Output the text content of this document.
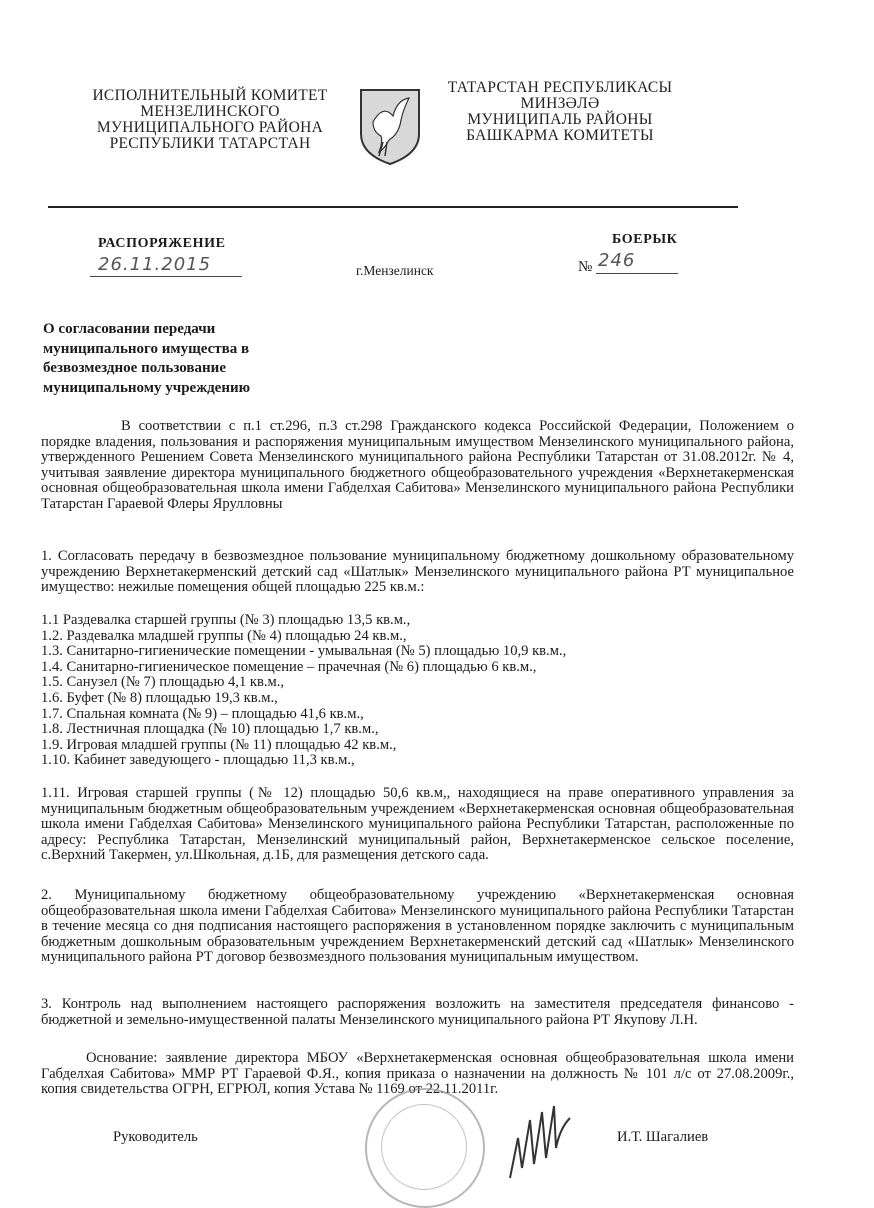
ИСПОЛНИТЕЛЬНЫЙ КОМИТЕТ
МЕНЗЕЛИНСКОГО
МУНИЦИПАЛЬНОГО РАЙОНА
РЕСПУБЛИКИ ТАТАРСТАН
ТАТАРСТАН РЕСПУБЛИКАСЫ
МИНЗӘЛӘ
МУНИЦИПАЛЬ РАЙОНЫ
БАШКАРМА КОМИТЕТЫ
РАСПОРЯЖЕНИЕ	БОЕРЫК
26.11.2015	г.Мензелинск	№ 246
О согласовании передачи
муниципального имущества в
безвозмездное пользование
муниципальному учреждению
В соответствии с п.1 ст.296, п.3 ст.298 Гражданского кодекса Российской Федерации, Положением о порядке владения, пользования и распоряжения муниципальным имуществом Мензелинского муниципального района, утвержденного Решением Совета Мензелинского муниципального района Республики Татарстан от 31.08.2012г. № 4, учитывая заявление директора муниципального бюджетного общеобразовательного учреждения «Верхнетакерменская основная общеобразовательная школа имени Габделхая Сабитова» Мензелинского муниципального района Республики Татарстан Гараевой Флеры Ярулловны
1. Согласовать передачу в безвозмездное пользование муниципальному бюджетному дошкольному образовательному учреждению Верхнетакерменский детский сад «Шатлык» Мензелинского муниципального района РТ муниципальное имущество: нежилые помещения общей площадью 225 кв.м.:
1.1 Раздевалка старшей группы (№ 3) площадью 13,5 кв.м.,
1.2. Раздевалка младшей группы (№ 4) площадью 24 кв.м.,
1.3. Санитарно-гигиенические помещении - умывальная (№ 5) площадью 10,9 кв.м.,
1.4. Санитарно-гигиеническое помещение – прачечная (№ 6) площадью 6 кв.м.,
1.5. Санузел (№ 7) площадью 4,1 кв.м.,
1.6. Буфет (№ 8) площадью 19,3 кв.м.,
1.7. Спальная комната (№ 9) – площадью 41,6 кв.м.,
1.8. Лестничная площадка (№ 10) площадью 1,7 кв.м.,
1.9. Игровая младшей группы (№ 11) площадью 42 кв.м.,
1.10. Кабинет заведующего - площадью 11,3 кв.м.,
1.11. Игровая старшей группы (№ 12) площадью 50,6 кв.м,, находящиеся на праве оперативного управления за муниципальным бюджетным общеобразовательным учреждением «Верхнетакерменская основная общеобразовательная школа имени Габделхая Сабитова» Мензелинского муниципального района Республики Татарстан, расположенные по адресу: Республика Татарстан, Мензелинский муниципальный район, Верхнетакерменское сельское поселение, с.Верхний Такермен, ул.Школьная, д.1Б, для размещения детского сада.
2. Муниципальному бюджетному общеобразовательному учреждению «Верхнетакерменская основная общеобразовательная школа имени Габделхая Сабитова» Мензелинского муниципального района Республики Татарстан в течение месяца со дня подписания настоящего распоряжения в установленном порядке заключить с муниципальным бюджетным дошкольным образовательным учреждением Верхнетакерменский детский сад «Шатлык» Мензелинского муниципального района РТ договор безвозмездного пользования муниципальным имуществом.
3. Контроль над выполнением настоящего распоряжения возложить на заместителя председателя финансово - бюджетной и земельно-имущественной палаты Мензелинского муниципального района РТ Якупову Л.Н.
Основание: заявление директора МБОУ «Верхнетакерменская основная общеобразовательная школа имени Габделхая Сабитова» ММР РТ Гараевой Ф.Я., копия приказа о назначении на должность № 101 л/с от 27.08.2009г., копия свидетельства ОГРН, ЕГРЮЛ, копия Устава № 1169 от 22.11.2011г.
Руководитель	И.Т. Шагалиев
